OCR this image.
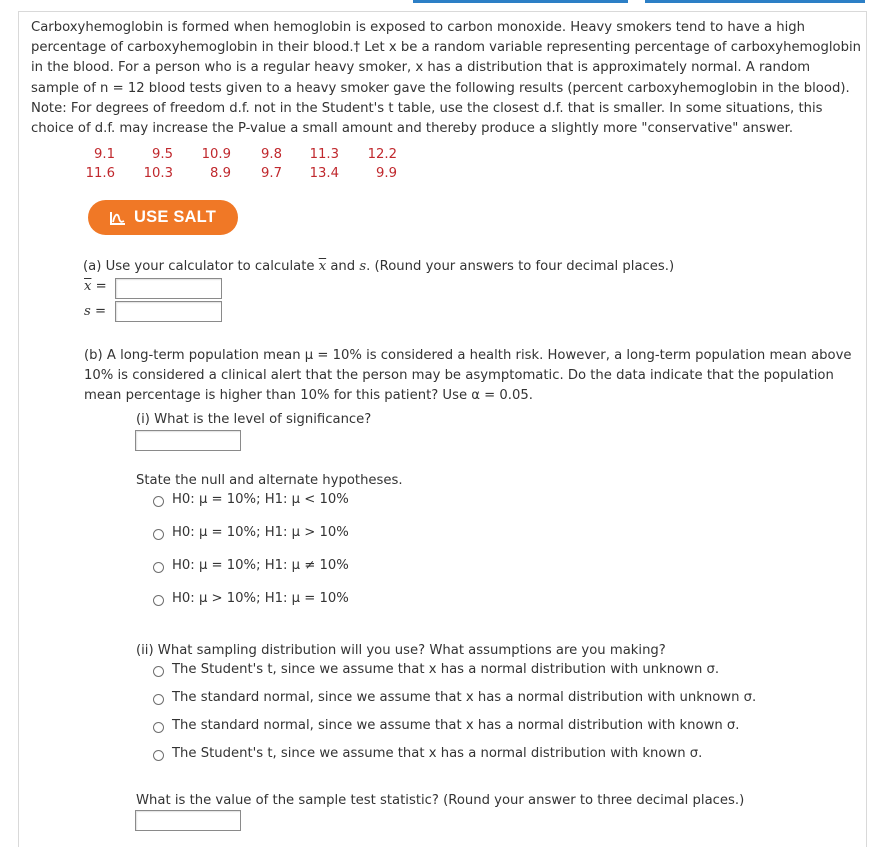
Carboxyhemoglobin is formed when hemoglobin is exposed to carbon monoxide. Heavy smokers tend to have a high

percentage of carboxyhemoglobin in their blood.† Let x be a random variable representing percentage of carboxyhemoglobin

in the blood. For a person who is a regular heavy smoker, x has a distribution that is approximately normal. A random

sample of n = 12 blood tests given to a heavy smoker gave the following results (percent carboxyhemoglobin in the blood).

Note: For degrees of freedom d.f. not in the Student's t table, use the closest d.f. that is smaller. In some situations, this

choice of d.f. may increase the P-value a small amount and thereby produce a slightly more "conservative" answer.

9.1	9.5	10.9	9.8	11.3	12.2
11.6	10.3	8.9	9.7	13.4	9.9
USE SALT
(a) Use your calculator to calculate $\overline{x}$ and s. (Round your answers to four decimal places.)
$\overline{x}$ =
s =
(b) A long-term population mean μ = 10% is considered a health risk. However, a long-term population mean above
10% is considered a clinical alert that the person may be asymptomatic. Do the data indicate that the population
mean percentage is higher than 10% for this patient? Use α = 0.05.
(i) What is the level of significance?
State the null and alternate hypotheses.
H0: μ = 10%; H1: μ < 10%
H0: μ = 10%; H1: μ > 10%
H0: μ = 10%; H1: μ ≠ 10%
H0: μ > 10%; H1: μ = 10%
(ii) What sampling distribution will you use? What assumptions are you making?
The Student's t, since we assume that x has a normal distribution with unknown σ.
The standard normal, since we assume that x has a normal distribution with unknown σ.
The standard normal, since we assume that x has a normal distribution with known σ.
The Student's t, since we assume that x has a normal distribution with known σ.
What is the value of the sample test statistic? (Round your answer to three decimal places.)
